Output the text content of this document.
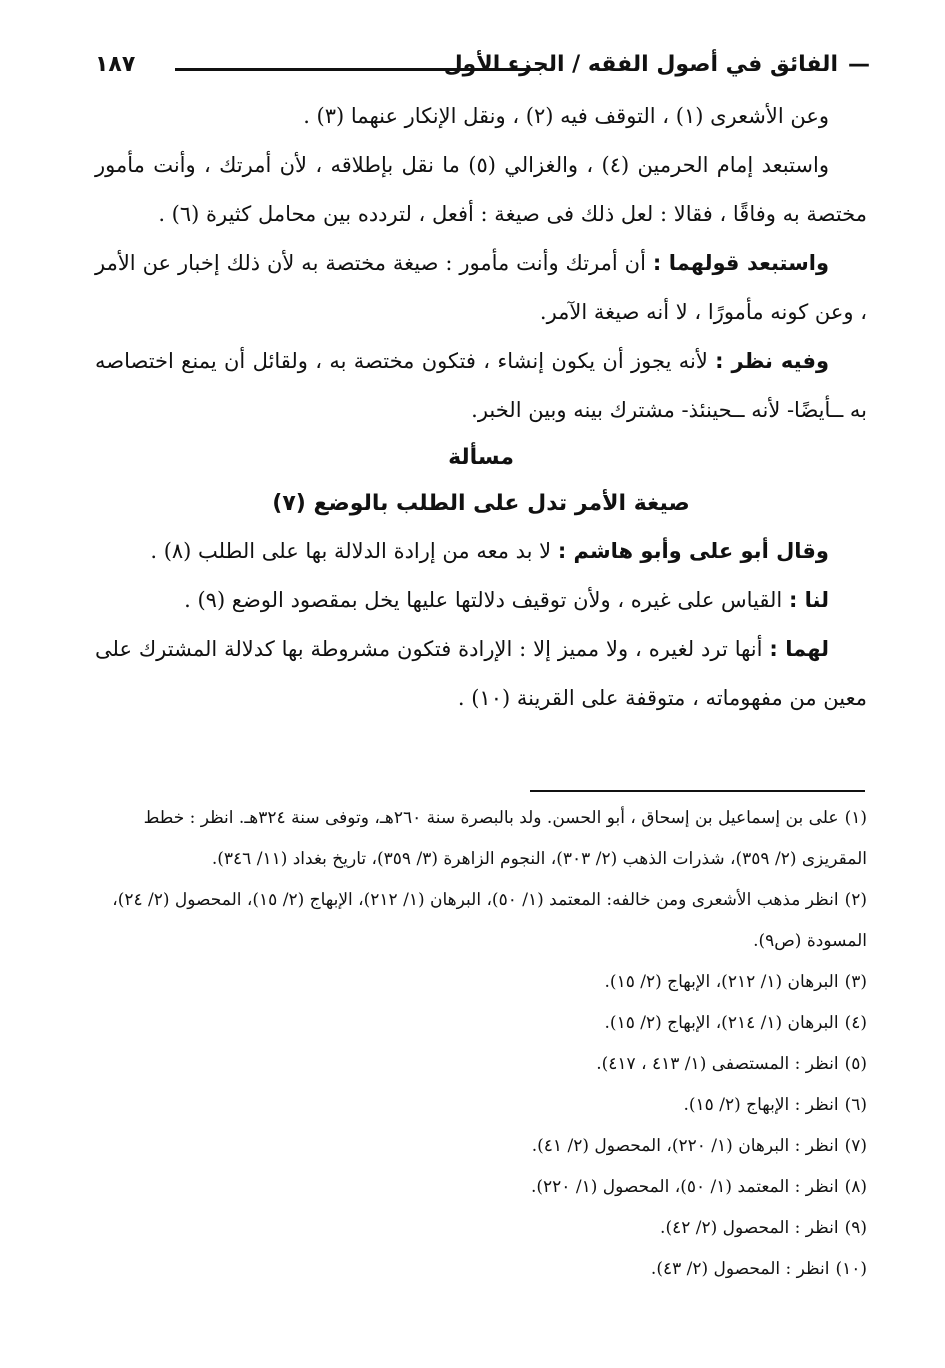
— الفائق في أصول الفقه / الجزء الأول
١٨٧

وعن الأشعرى (١) ، التوقف فيه (٢) ، ونقل الإنكار عنهما (٣) .

واستبعد إمام الحرمين (٤) ، والغزالي (٥) ما نقل بإطلاقه ، لأن أمرتك ، وأنت مأمور مختصة به وفاقًا ، فقالا : لعل ذلك فى صيغة : أفعل ، لتردده بين محامل كثيرة (٦) .

واستبعد قولهما : أن أمرتك وأنت مأمور : صيغة مختصة به لأن ذلك إخبار عن الأمر ، وعن كونه مأمورًا ، لا أنه صيغة الآمر.

وفيه نظر : لأنه يجوز أن يكون إنشاء ، فتكون مختصة به ، ولقائل أن يمنع اختصاصه به ــأيضًا‐ لأنه ــحينئذ‐ مشترك بينه وبين الخبر.

مسألة
صيغة الأمر تدل على الطلب بالوضع (٧)

وقال أبو على وأبو هاشم : لا بد معه من إرادة الدلالة بها على الطلب (٨) .

لنا : القياس على غيره ، ولأن توقيف دلالتها عليها يخل بمقصود الوضع (٩) .

لهما : أنها ترد لغيره ، ولا مميز إلا : الإرادة فتكون مشروطة بها كدلالة المشترك على معين من مفهوماته ، متوقفة على القرينة (١٠) .

(١)على بن إسماعيل بن إسحاق ، أبو الحسن. ولد بالبصرة سنة ٢٦٠هـ، وتوفى سنة ٣٢٤هـ. انظر : خطط المقريزى (٢/ ٣٥٩)، شذرات الذهب (٢/ ٣٠٣)، النجوم الزاهرة (٣/ ٣٥٩)، تاريخ بغداد (١١/ ٣٤٦).

(٢)انظر مذهب الأشعرى ومن خالفه: المعتمد (١/ ٥٠)، البرهان (١/ ٢١٢)، الإبهاج (٢/ ١٥)، المحصول (٢/ ٢٤)، المسودة (ص٩).

(٣)البرهان (١/ ٢١٢)، الإبهاج (٢/ ١٥).

(٤)البرهان (١/ ٢١٤)، الإبهاج (٢/ ١٥).

(٥)انظر : المستصفى (١/ ٤١٣ ، ٤١٧).

(٦)انظر : الإبهاج (٢/ ١٥).

(٧)انظر : البرهان (١/ ٢٢٠)، المحصول (٢/ ٤١).

(٨)انظر : المعتمد (١/ ٥٠)، المحصول (١/ ٢٢٠).

(٩)انظر : المحصول (٢/ ٤٢).

(١٠)انظر : المحصول (٢/ ٤٣).
